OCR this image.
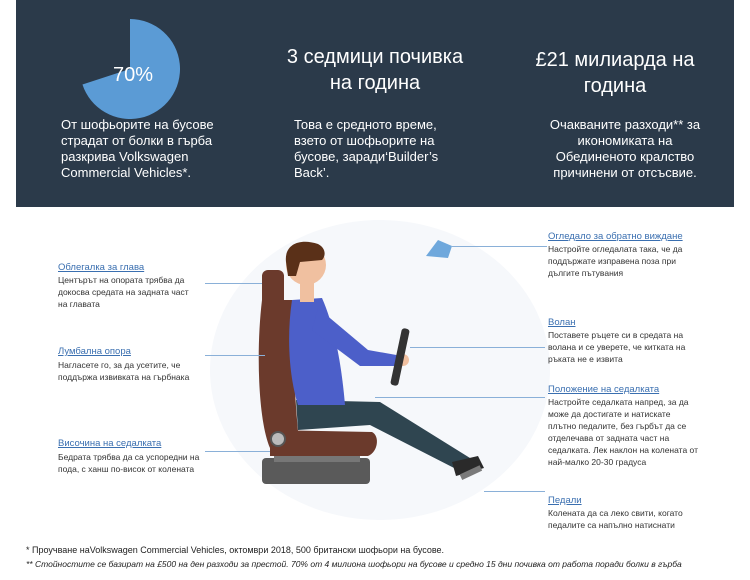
70%
От шофьорите на бусове страдат от болки в гърба разкрива Volkswagen Commercial Vehicles*.
3 седмици почивка на година
Това е средното време, взето от шофьорите на бусове, заради‘Builder’s Back’.
£21 милиарда на година
Очакваните разходи** за икономиката на Обединеното кралство причинени от отсъсвие.
Облегалка за глава
Центърът на опората трябва да докосва средата на задната част на главата
Лумбална опора
Нагласете го, за да усетите, че поддържа извивката на гърбнака
Височина на седалката
Бедрата трябва да са успоредни на пода, с ханш по-висок от колената
Огледало за обратно виждане
Настройте огледалата така, че да поддържате изправена поза при дългите пътувания
Волан
Поставете ръцете си в средата на волана и се уверете, че китката на ръката не е извита
Положение на седалката
Настройте седалката напред, за да може да достигате и натискате плътно педалите, без гърбът да се отделечава от задната част на седалката. Лек наклон на колената от най-малко 20-30 градуса
Педали
Колената да са леко свити, когато педалите са напълно натиснати
* Проучване наVolkswagen Commercial Vehicles, октомври 2018, 500 британски шофьори на бусове.
** Стойностите се базират на £500 на ден разходи за престой. 70% от 4 милиона шофьори на бусове и средно 15 дни почивка от работа поради болки в гърба
